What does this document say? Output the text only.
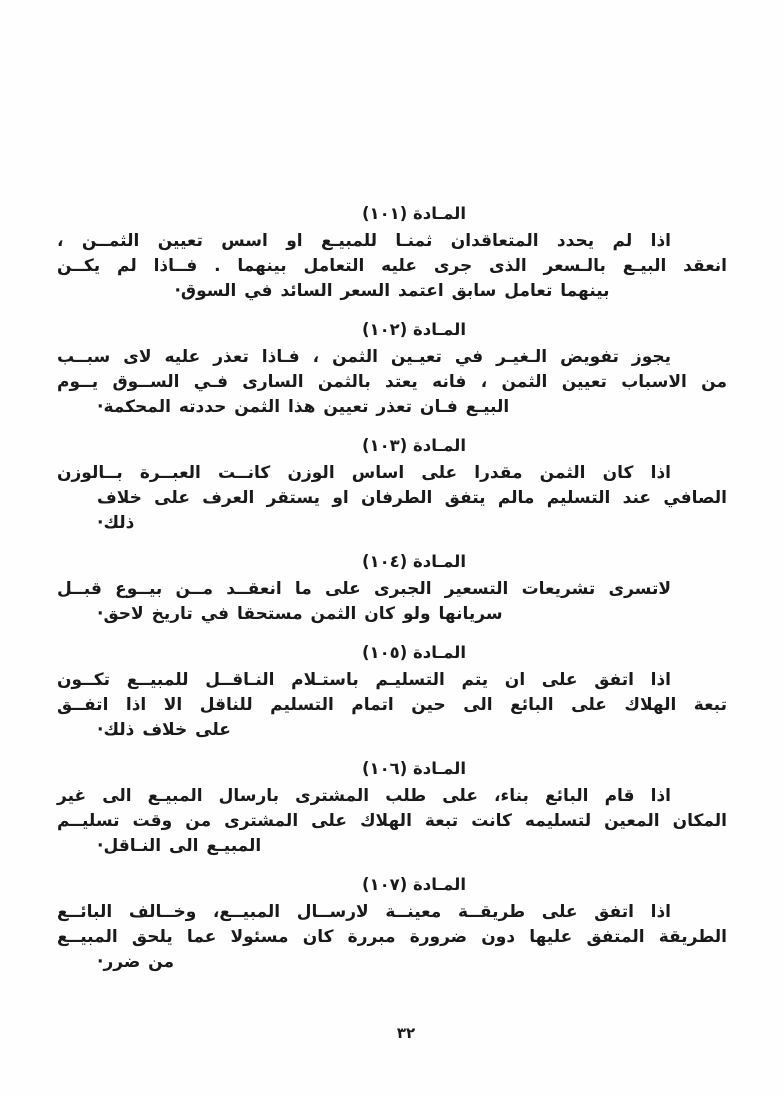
المـادة (١٠١)

اذا لم يحدد المتعاقدان ثمنـا للمبيـع او اسس تعيين الثمــن ،
انعقد البيـع بالـسعر الذى جرى عليه التعامل بينهما . فــاذا لم يكــن
بينهما تعامل سابق اعتمد السعر السائد في السوق·

المـادة (١٠٢)

يجوز تفويض الـغيـر في تعيـين الثمن ، فـاذا تعذر عليه لاى سبــب
من الاسباب تعيين الثمن ، فانه يعتد بالثمن السارى فـي الســوق يــوم
البيـع فـان تعذر تعيين هذا الثمن حددته المحكمة·

المـادة (١٠٣)

اذا كان الثمن مقدرا على اساس الوزن كانــت العبــرة بــالوزن
الصافي عند التسليم مالم يتفق الطرفان او يستقر العرف على خلاف ذلك·

المـادة (١٠٤)

لاتسرى تشريعات التسعير الجبرى على ما انعقــد مــن بيــوع قبــل
سريانها ولو كان الثمن مستحقا في تاريخ لاحق·

المـادة (١٠٥)

اذا اتفق على ان يتم التسليـم باستـلام النـاقــل للمبيــع تكــون
تبعة الهلاك على البائع الى حين اتمام التسليم للناقل الا اذا اتفــق
على خلاف ذلك·

المـادة (١٠٦)

اذا قام البائع بناء، على طلب المشترى بارسال المبيـع الى غير
المكان المعين لتسليمه كانت تبعة الهلاك على المشترى من وقت تسليــم
المبيـع الى النـاقل·

المـادة (١٠٧)

اذا اتفق على طريقــة معينــة لارســال المبيــع، وخــالف البائــع
الطريقة المتفق عليها دون ضرورة مبررة كان مسئولا عما يلحق المبيــع
من ضرر·

٣٢
